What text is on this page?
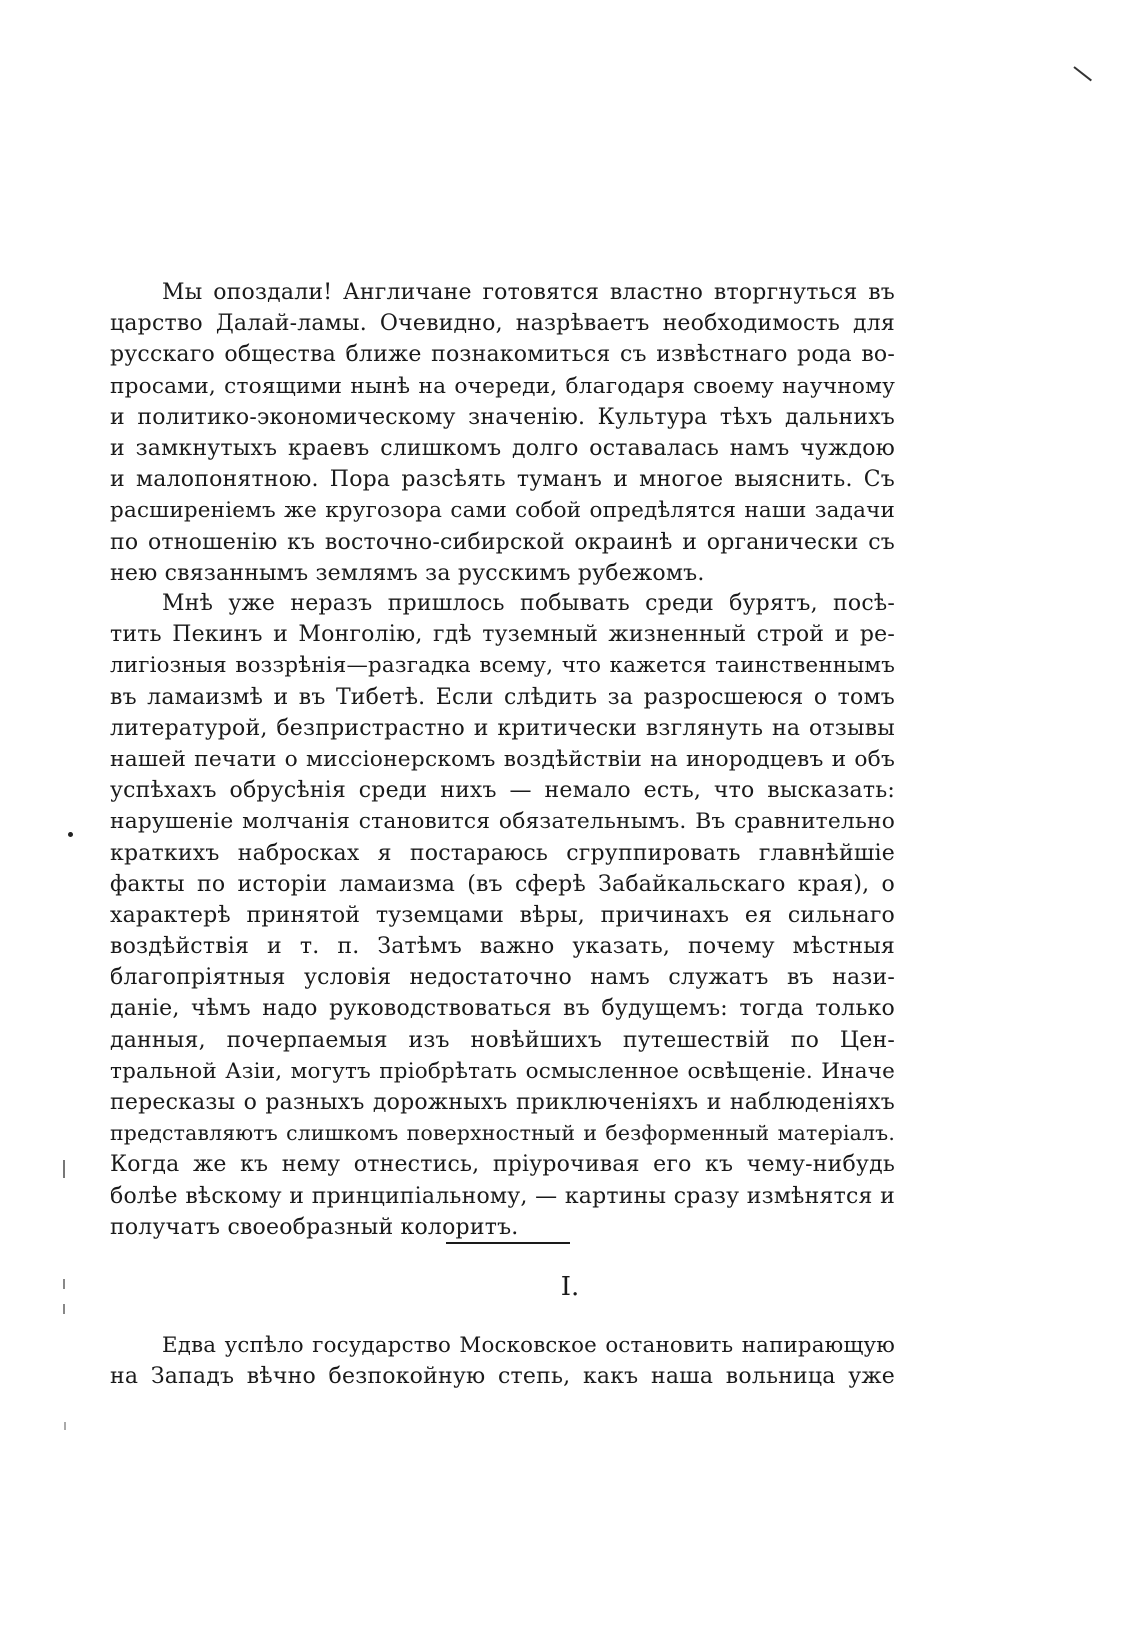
Мы опоздали! Англичане готовятся властно вторгнуться въ
царство Далай-ламы. Очевидно, назрѣваетъ необходимость для
русскаго общества ближе познакомиться съ извѣстнаго рода во-
просами, стоящими нынѣ на очереди, благодаря своему научному
и политико-экономическому значенію. Культура тѣхъ дальнихъ
и замкнутыхъ краевъ слишкомъ долго оставалась намъ чуждою
и малопонятною. Пора разсѣять туманъ и многое выяснить. Съ
расширеніемъ же кругозора сами собой опредѣлятся наши задачи
по отношенію къ восточно-сибирской окраинѣ и органически съ
нею связаннымъ землямъ за русскимъ рубежомъ.
Мнѣ уже неразъ пришлось побывать среди бурятъ, посѣ-
тить Пекинъ и Монголію, гдѣ туземный жизненный строй и ре-
лигіозныя воззрѣнія—разгадка всему, что кажется таинственнымъ
въ ламаизмѣ и въ Тибетѣ. Если слѣдить за разросшеюся о томъ
литературой, безпристрастно и критически взглянуть на отзывы
нашей печати о миссіонерскомъ воздѣйствіи на инородцевъ и объ
успѣхахъ обрусѣнія среди нихъ — немало есть, что высказать:
нарушеніе молчанія становится обязательнымъ. Въ сравнительно
краткихъ набросках я постараюсь сгруппировать главнѣйшіе
факты по исторіи ламаизма (въ сферѣ Забайкальскаго края), о
характерѣ принятой туземцами вѣры, причинахъ ея сильнаго
воздѣйствія и т. п. Затѣмъ важно указать, почему мѣстныя
благопріятныя условія недостаточно намъ служатъ въ нази-
даніе, чѣмъ надо руководствоваться въ будущемъ: тогда только
данныя, почерпаемыя изъ новѣйшихъ путешествій по Цен-
тральной Азіи, могутъ пріобрѣтать осмысленное освѣщеніе. Иначе
пересказы о разныхъ дорожныхъ приключеніяхъ и наблюденіяхъ
представляютъ слишкомъ поверхностный и безформенный матеріалъ.
Когда же къ нему отнестись, пріурочивая его къ чему-нибудь
болѣе вѣскому и принципіальному, — картины сразу измѣнятся и
получатъ своеобразный колоритъ.
I.
Едва успѣло государство Московское остановить напирающую
на Западъ вѣчно безпокойную степь, какъ наша вольница уже
